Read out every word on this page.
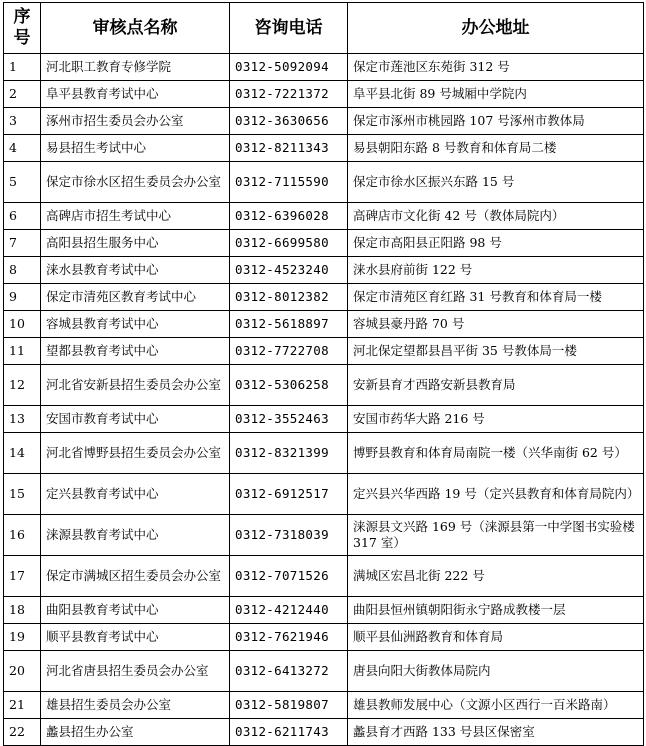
序号	审核点名称	咨询电话	办公地址
1	河北职工教育专修学院	0312-5092094	保定市莲池区东苑街 312 号
2	阜平县教育考试中心	0312-7221372	阜平县北街 89 号城厢中学院内
3	涿州市招生委员会办公室	0312-3630656	保定市涿州市桃园路 107 号涿州市教体局
4	易县招生考试中心	0312-8211343	易县朝阳东路 8 号教育和体育局二楼
5	保定市徐水区招生委员会办公室	0312-7115590	保定市徐水区振兴东路 15 号
6	高碑店市招生考试中心	0312-6396028	高碑店市文化街 42 号（教体局院内）
7	高阳县招生服务中心	0312-6699580	保定市高阳县正阳路 98 号
8	涞水县教育考试中心	0312-4523240	涞水县府前街 122 号
9	保定市清苑区教育考试中心	0312-8012382	保定市清苑区育红路 31 号教育和体育局一楼
10	容城县教育考试中心	0312-5618897	容城县豪丹路 70 号
11	望都县教育考试中心	0312-7722708	河北保定望都县昌平街 35 号教体局一楼
12	河北省安新县招生委员会办公室	0312-5306258	安新县育才西路安新县教育局
13	安国市教育考试中心	0312-3552463	安国市药华大路 216 号
14	河北省博野县招生委员会办公室	0312-8321399	博野县教育和体育局南院一楼（兴华南街 62 号）
15	定兴县教育考试中心	0312-6912517	定兴县兴华西路 19 号（定兴县教育和体育局院内）
16	涞源县教育考试中心	0312-7318039	涞源县文兴路 169 号（涞源县第一中学图书实验楼 317 室）
17	保定市满城区招生委员会办公室	0312-7071526	满城区宏昌北街 222 号
18	曲阳县教育考试中心	0312-4212440	曲阳县恒州镇朝阳街永宁路成教楼一层
19	顺平县教育考试中心	0312-7621946	顺平县仙洲路教育和体育局
20	河北省唐县招生委员会办公室	0312-6413272	唐县向阳大街教体局院内
21	雄县招生委员会办公室	0312-5819807	雄县教师发展中心（文源小区西行一百米路南）
22	蠡县招生办公室	0312-6211743	蠡县育才西路 133 号县区保密室
